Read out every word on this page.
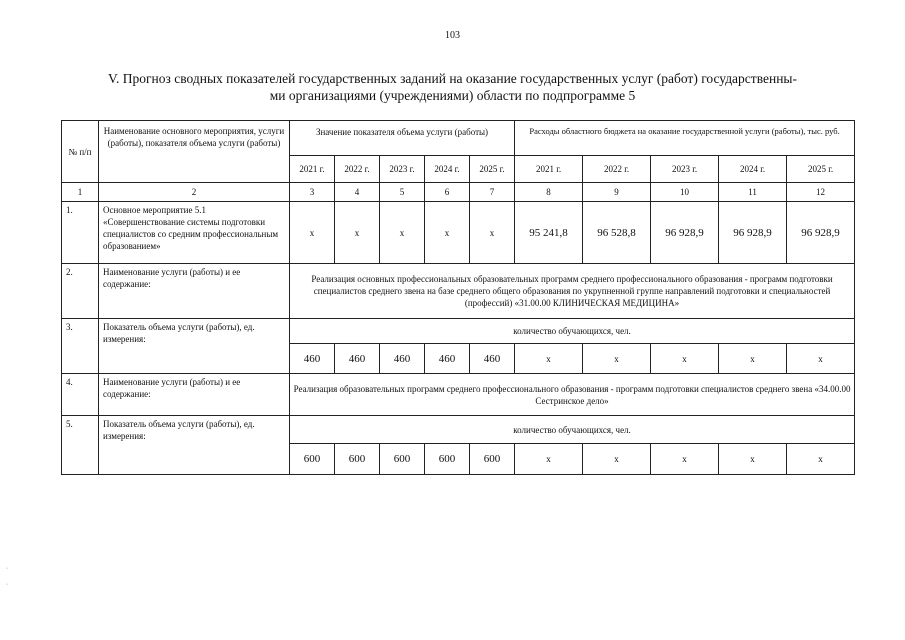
103
V. Прогноз сводных показателей государственных заданий на оказание государственных услуг (работ) государственны-
ми организациями (учреждениями) области по подпрограмме 5
№ п/п	Наименование основного мероприятия, услуги (работы), показателя объема услуги (работы)	Значение показателя объема услуги (работы)					Расходы областного бюджета на оказание государственной услуги (работы), тыс. руб.				
		2021 г.	2022 г.	2023 г.	2024 г.	2025 г.	2021 г.	2022 г.	2023 г.	2024 г.	2025 г.
1	2	3	4	5	6	7	8	9	10	11	12
1.	Основное мероприятие 5.1 «Совершенствование системы подготовки специалистов со средним профессиональным образованием»	х	х	х	х	х	95 241,8	96 528,8	96 928,9	96 928,9	96 928,9
2.	Наименование услуги (работы) и ее содержание:	Реализация основных профессиональных образовательных программ среднего профессионального образования - программ подготовки специалистов среднего звена на базе среднего общего образования по укрупненной группе направлений подготовки и специальностей (профессий) «31.00.00 КЛИНИЧЕСКАЯ МЕДИЦИНА»									
3.	Показатель объема услуги (работы), ед. измерения:	количество обучающихся, чел.									
		460	460	460	460	460	х	х	х	х	х
4.	Наименование услуги (работы) и ее содержание:	Реализация образовательных программ среднего профессионального образования - программ подготовки специалистов среднего звена «34.00.00 Сестринское дело»									
5.	Показатель объема услуги (работы), ед. измерения:	количество обучающихся, чел.									
		600	600	600	600	600	х	х	х	х	х
·
·
